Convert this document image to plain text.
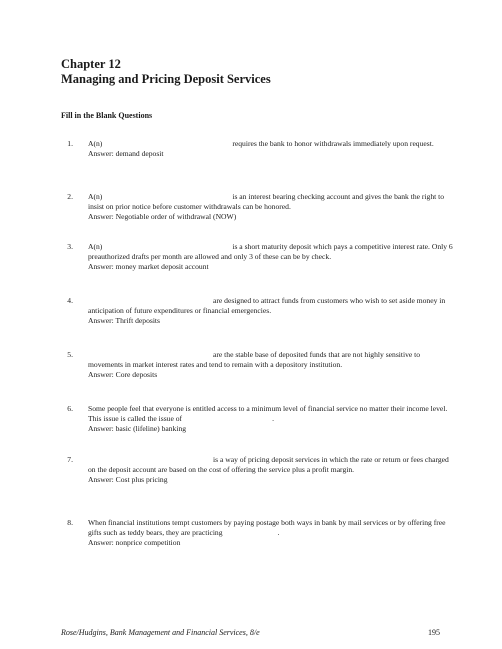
Chapter 12
Managing and Pricing Deposit Services
Fill in the Blank Questions
1. A(n)	requires the bank to honor withdrawals immediately upon request.
Answer: demand deposit
2. A(n)	is an interest bearing checking account and gives the bank the right to insist on prior notice before customer withdrawals can be honored.
Answer: Negotiable order of withdrawal (NOW)
3. A(n)	is a short maturity deposit which pays a competitive interest rate. Only 6 preauthorized drafts per month are allowed and only 3 of these can be by check.
Answer: money market deposit account
4.	are designed to attract funds from customers who wish to set aside money in anticipation of future expenditures or financial emergencies.
Answer: Thrift deposits
5.	are the stable base of deposited funds that are not highly sensitive to movements in market interest rates and tend to remain with a depository institution.
Answer: Core deposits
6. Some people feel that everyone is entitled access to a minimum level of financial service no matter their income level. This issue is called the issue of	.
Answer: basic (lifeline) banking
7.	is a way of pricing deposit services in which the rate or return or fees charged on the deposit account are based on the cost of offering the service plus a profit margin.
Answer: Cost plus pricing
8. When financial institutions tempt customers by paying postage both ways in bank by mail services or by offering free gifts such as teddy bears, they are practicing	.
Answer: nonprice competition
Rose/Hudgins, Bank Management and Financial Services, 8/e	195
